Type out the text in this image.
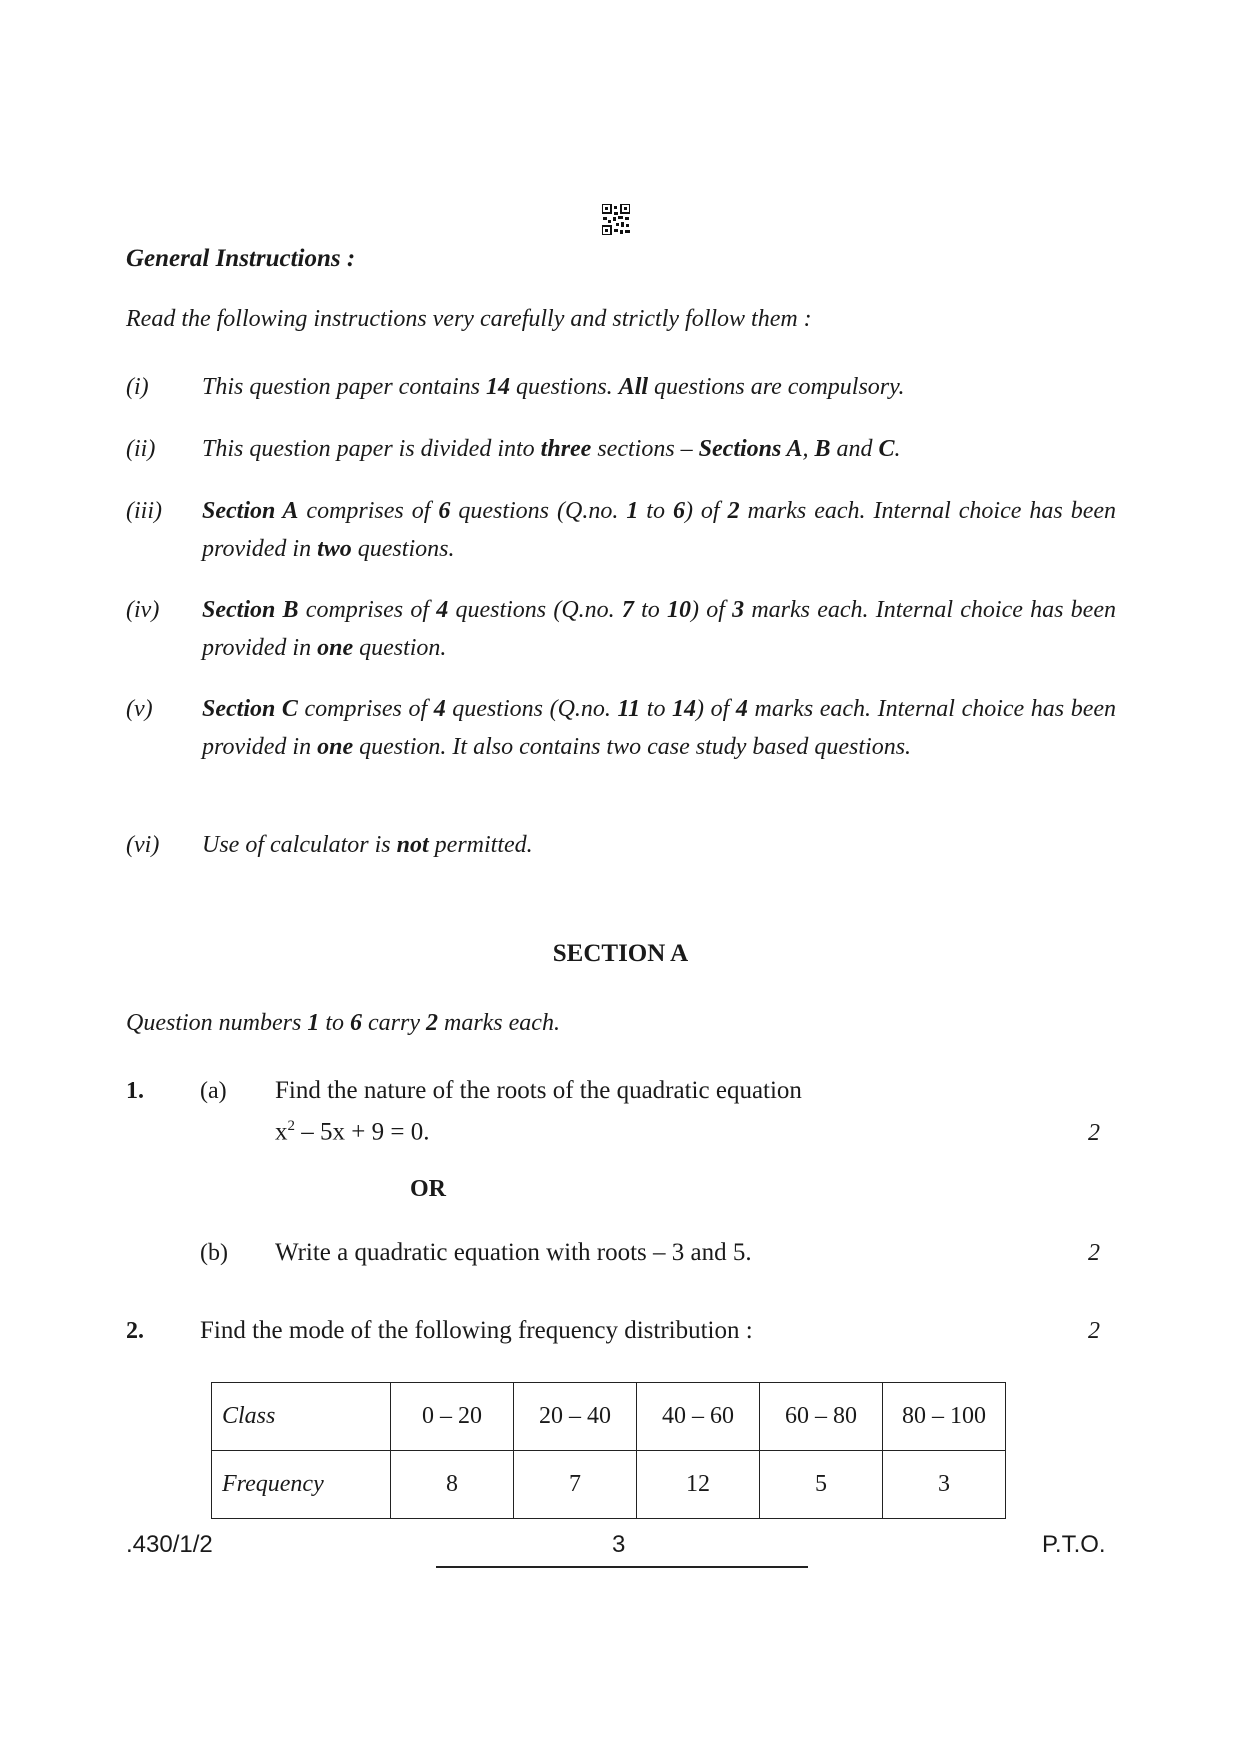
General Instructions :
Read the following instructions very carefully and strictly follow them :
(i) This question paper contains 14 questions. All questions are compulsory.
(ii) This question paper is divided into three sections – Sections A, B and C.
(iii) Section A comprises of 6 questions (Q.no. 1 to 6) of 2 marks each. Internal choice has been provided in two questions.
(iv) Section B comprises of 4 questions (Q.no. 7 to 10) of 3 marks each. Internal choice has been provided in one question.
(v) Section C comprises of 4 questions (Q.no. 11 to 14) of 4 marks each. Internal choice has been provided in one question. It also contains two case study based questions.
(vi) Use of calculator is not permitted.
SECTION A
Question numbers 1 to 6 carry 2 marks each.
1. (a) Find the nature of the roots of the quadratic equation
$x^2 - 5x + 9 = 0$.	2
OR
(b) Write a quadratic equation with roots – 3 and 5.	2
2. Find the mode of the following frequency distribution :	2
Class	0 – 20	20 – 40	40 – 60	60 – 80	80 – 100
Frequency	8	7	12	5	3
.430/1/2	3	P.T.O.
